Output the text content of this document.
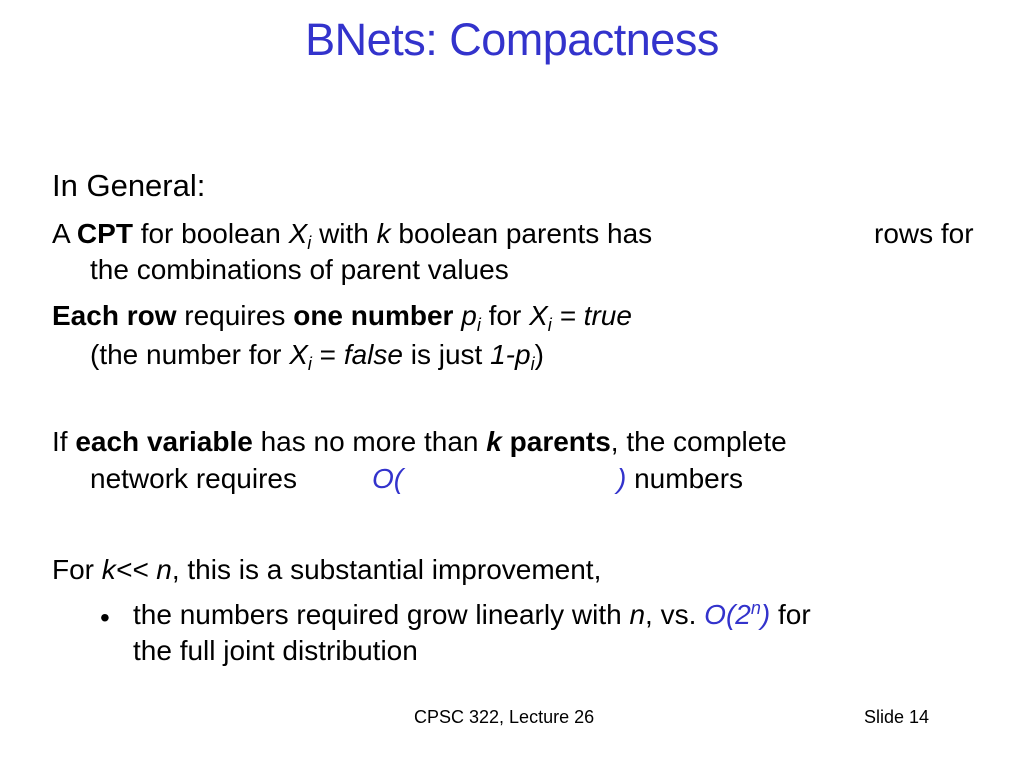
BNets: Compactness
In General:
A CPT for boolean $X_i$ with k boolean parents has	rows for
the combinations of parent values
Each row requires one number $p_i$ for $X_i$ = true
(the number for $X_i$ = false is just $1-p_i$)
If each variable has no more than k parents, the complete
network requires	O(	) numbers
For k<< n, this is a substantial improvement,
• the numbers required grow linearly with n, vs. O(2$^n$) for
the full joint distribution
CPSC 322, Lecture 26	Slide 14
